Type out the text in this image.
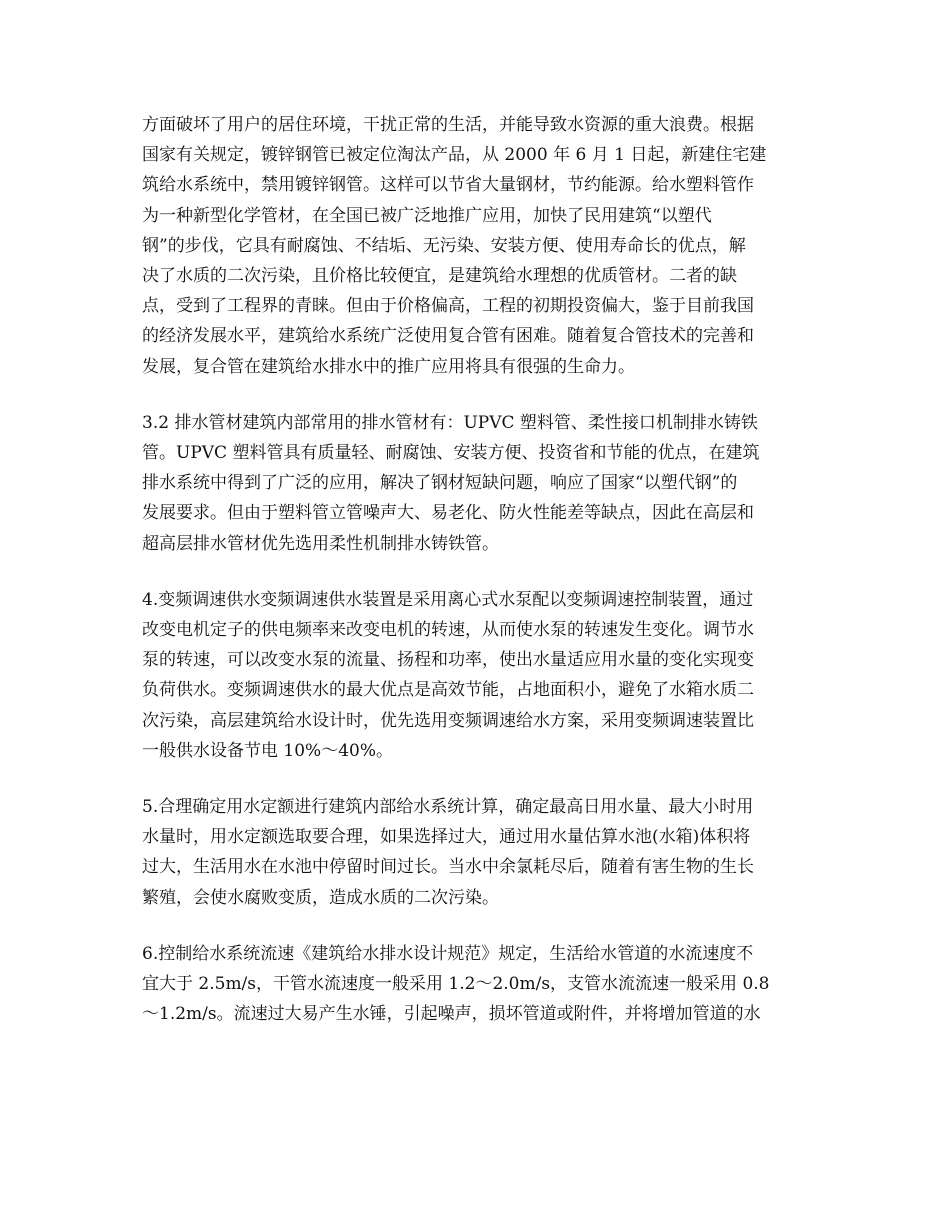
方面破坏了用户的居住环境，干扰正常的生活，并能导致水资源的重大浪费。根据
国家有关规定，镀锌钢管已被定位淘汰产品，从 2000 年 6 月 1 日起，新建住宅建
筑给水系统中，禁用镀锌钢管。这样可以节省大量钢材，节约能源。给水塑料管作
为一种新型化学管材，在全国已被广泛地推广应用，加快了民用建筑“以塑代
钢”的步伐，它具有耐腐蚀、不结垢、无污染、安装方便、使用寿命长的优点，解
决了水质的二次污染，且价格比较便宜，是建筑给水理想的优质管材。二者的缺
点，受到了工程界的青睐。但由于价格偏高，工程的初期投资偏大，鉴于目前我国
的经济发展水平，建筑给水系统广泛使用复合管有困难。随着复合管技术的完善和
发展，复合管在建筑给水排水中的推广应用将具有很强的生命力。

3.2 排水管材建筑内部常用的排水管材有：UPVC 塑料管、柔性接口机制排水铸铁
管。UPVC 塑料管具有质量轻、耐腐蚀、安装方便、投资省和节能的优点，在建筑
排水系统中得到了广泛的应用，解决了钢材短缺问题，响应了国家“以塑代钢”的
发展要求。但由于塑料管立管噪声大、易老化、防火性能差等缺点，因此在高层和
超高层排水管材优先选用柔性机制排水铸铁管。

4.变频调速供水变频调速供水装置是采用离心式水泵配以变频调速控制装置，通过
改变电机定子的供电频率来改变电机的转速，从而使水泵的转速发生变化。调节水
泵的转速，可以改变水泵的流量、扬程和功率，使出水量适应用水量的变化实现变
负荷供水。变频调速供水的最大优点是高效节能，占地面积小，避免了水箱水质二
次污染，高层建筑给水设计时，优先选用变频调速给水方案，采用变频调速装置比
一般供水设备节电 10%～40%。

5.合理确定用水定额进行建筑内部给水系统计算，确定最高日用水量、最大小时用
水量时，用水定额选取要合理，如果选择过大，通过用水量估算水池(水箱)体积将
过大，生活用水在水池中停留时间过长。当水中余氯耗尽后，随着有害生物的生长
繁殖，会使水腐败变质，造成水质的二次污染。

6.控制给水系统流速《建筑给水排水设计规范》规定，生活给水管道的水流速度不
宜大于 2.5m/s，干管水流速度一般采用 1.2～2.0m/s，支管水流流速一般采用 0.8
～1.2m/s。流速过大易产生水锤，引起噪声，损坏管道或附件，并将增加管道的水
